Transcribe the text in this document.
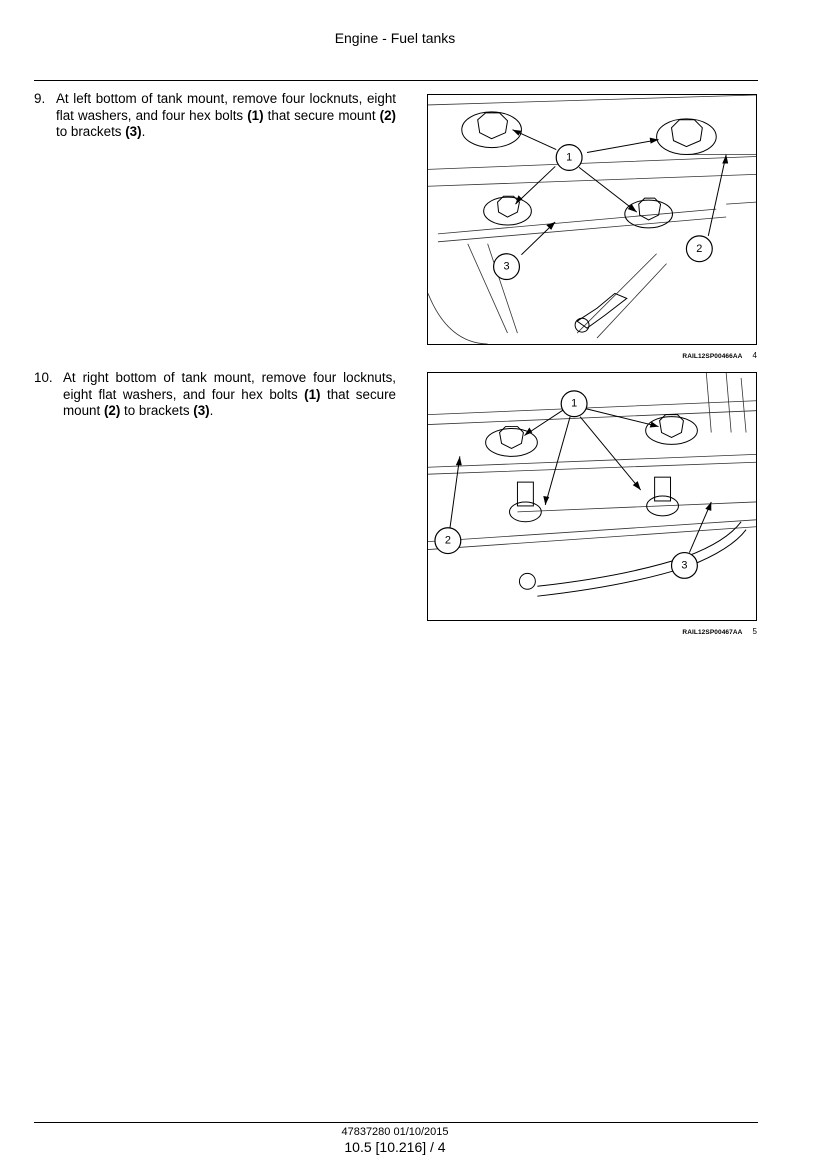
Engine - Fuel tanks
9. At left bottom of tank mount, remove four locknuts, eight flat washers, and four hex bolts (1) that secure mount (2) to brackets (3).
1
2
3
RAIL12SP00466AA 4
10. At right bottom of tank mount, remove four locknuts, eight flat washers, and four hex bolts (1) that secure mount (2) to brackets (3).	1
2
3
RAIL12SP00467AA 5
47837280 01/10/2015
10.5 [10.216] / 4
